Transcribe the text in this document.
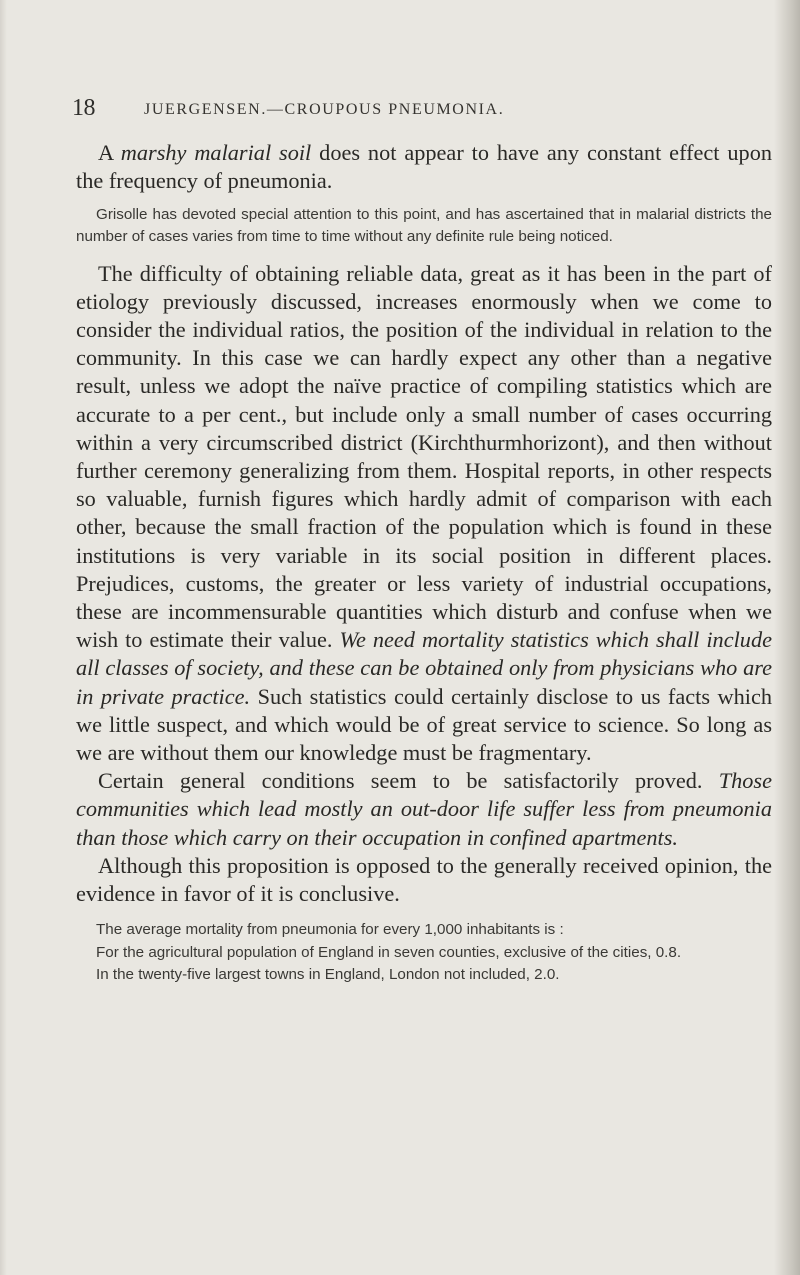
18	JUERGENSEN.—CROUPOUS PNEUMONIA.

A marshy malarial soil does not appear to have any constant effect upon the frequency of pneumonia.

Grisolle has devoted special attention to this point, and has ascertained that in malarial districts the number of cases varies from time to time without any definite rule being noticed.

The difficulty of obtaining reliable data, great as it has been in the part of etiology previously discussed, increases enormously when we come to consider the individual ratios, the position of the individual in relation to the community. In this case we can hardly expect any other than a negative result, unless we adopt the naïve practice of compiling statistics which are accurate to a per cent., but include only a small number of cases occurring within a very circumscribed district (Kirchthurmhorizont), and then without further ceremony generalizing from them. Hospital reports, in other respects so valuable, furnish figures which hardly admit of comparison with each other, because the small fraction of the population which is found in these institutions is very variable in its social position in different places. Prejudices, customs, the greater or less variety of industrial occupations, these are incommensurable quantities which disturb and confuse when we wish to estimate their value. We need mortality statistics which shall include all classes of society, and these can be obtained only from physicians who are in private practice. Such statistics could certainly disclose to us facts which we little suspect, and which would be of great service to science. So long as we are without them our knowledge must be fragmentary.

Certain general conditions seem to be satisfactorily proved. Those communities which lead mostly an out-door life suffer less from pneumonia than those which carry on their occupation in confined apartments.

Although this proposition is opposed to the generally received opinion, the evidence in favor of it is conclusive.

The average mortality from pneumonia for every 1,000 inhabitants is :

For the agricultural population of England in seven counties, exclusive of the cities, 0.8.

In the twenty-five largest towns in England, London not included, 2.0.
